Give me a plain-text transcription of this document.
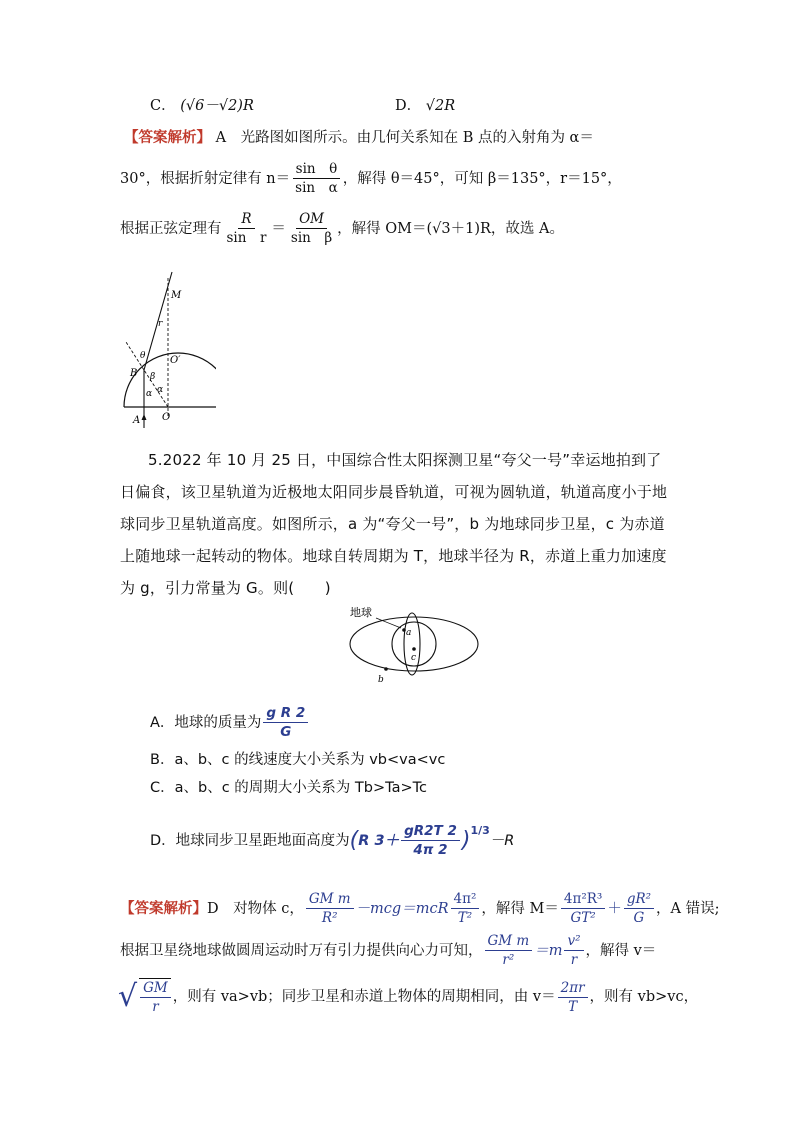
C． (√6－√2)R	D． √2R
【答案解析】 A　光路图如图所示。由几何关系知在 B 点的入射角为 α＝
30°，根据折射定律有 $n= \frac{\text{sin　θ}}{\text{sin　α}}$ ，解得 θ＝45°，可知 β＝135°，r＝15°，
根据正弦定理有 $\frac{R}{\text{sin　r}} = \frac{OM}{\text{sin　β}}$ ，解得 OM＝(√3＋1)R，故选 A。
M
r
θ O′
B β
α α
A O
5.2022 年 10 月 25 日，中国综合性太阳探测卫星“夸父一号”幸运地拍到了日偏食，该卫星轨道为近极地太阳同步晨昏轨道，可视为圆轨道，轨道高度小于地球同步卫星轨道高度。如图所示，a 为“夸父一号”，b 为地球同步卫星，c 为赤道上随地球一起转动的物体。地球自转周期为 T，地球半径为 R，赤道上重力加速度为 g，引力常量为 G。则(　　)
地球
a
c
b
A．地球的质量为 $\frac{\text{g R 2}}{G}$
B．a、b、c 的线速度大小关系为 vb<va<vc
C．a、b、c 的周期大小关系为 Tb>Ta>Tc
D．地球同步卫星距地面高度为 ( R $3+ \frac{gR2T 2}{4\pi 2}$ ) 1/3
－R
【答案解析】 D　对物体 c， $\frac{\text{GM m}}{\text{R²}} -mcg=mcR \frac{\text{4π²}}{\text{T²}}$ ，解得 $M= \frac{\text{4π²R³}}{\text{GT²}} + \frac{\text{gR²}}{G}$ ，A 错误;
根据卫星绕地球做圆周运动时万有引力提供向心力可知， $\frac{\text{GM m}}{\text{r²}} =m \frac{\text{v²}}{r}$ ，解得 v＝
√ $\frac{GM}{r}$ ，则有 va>vb；同步卫星和赤道上物体的周期相同，由 $v= \frac{2\pi r}{T}$ ，则有 vb>vc，
